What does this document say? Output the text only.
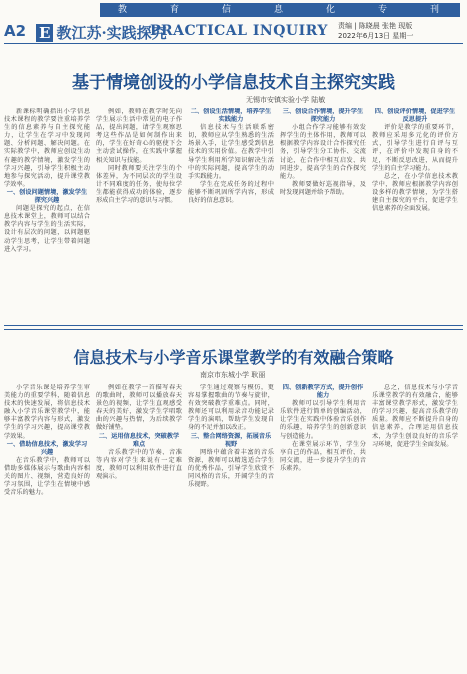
教	育	信	息	化	专	刊
A2 E 教江苏·实践探究
PRACTICAL INQUIRY 责编 | 陈晓晨 张艳 现版
2022年6月13日 星期一
基于情境创设的小学信息技术自主探究实践
无锡市安镇实验小学 陆敏

新课标明确指出小学信息技术课程的教学要注重培养学生的信息素养与自主探究能力，让学生在学习中发现问题、分析问题、解决问题。在实际教学中，教师应创设生动有趣的教学情境，激发学生的学习兴趣，引导学生积极主动地参与探究活动，提升课堂教学效率。

一、创设问题情境，激发学生探究兴趣

问题是探究的起点，在信息技术课堂上，教师可以结合教学内容与学生的生活实际，设计有层次的问题，以问题驱动学生思考，让学生带着问题进入学习。

例如，教师在教学时先向学生展示生活中常见的电子作品，提出问题，请学生观察思考这些作品是如何制作出来的，学生在好奇心的驱使下会主动尝试操作，在实践中掌握相关知识与技能。

同时教师要关注学生的个体差异，为不同层次的学生设计不同难度的任务，使每位学生都能获得成功的体验，逐步形成自主学习的意识与习惯。

二、创设生活情境，培养学生实践能力

信息技术与生活联系密切，教师应从学生熟悉的生活场景入手，让学生感受到信息技术的实用价值。在教学中引导学生利用所学知识解决生活中的实际问题，提高学生的动手实践能力。

学生在完成任务的过程中能够不断巩固所学内容，形成良好的信息意识。

三、创设合作情境，提升学生探究能力

小组合作学习能够有效发挥学生的主体作用，教师可以根据教学内容设计合作探究任务，引导学生分工协作、交流讨论，在合作中相互启发、共同进步，提高学生的合作探究能力。

教师要做好巡视指导，及时发现问题并给予帮助。

四、创设评价情境，促进学生反思提升

评价是教学的重要环节，教师应采用多元化的评价方式，引导学生进行自评与互评，在评价中发现自身的不足，不断反思改进，从而提升学生的自主学习能力。

总之，在小学信息技术教学中，教师应根据教学内容创设多样的教学情境，为学生搭建自主探究的平台，促进学生信息素养的全面发展。

信息技术与小学音乐课堂教学的有效融合策略
南京市东城小学 耿丽

小学音乐课是培养学生审美能力的重要学科，随着信息技术的快速发展，将信息技术融入小学音乐课堂教学中，能够丰富教学内容与形式，激发学生的学习兴趣，提高课堂教学效果。

一、借助信息技术，激发学习兴趣

在音乐教学中，教师可以借助多媒体展示与歌曲内容相关的图片、视频，营造良好的学习氛围，让学生在情境中感受音乐的魅力。

例如在教学一首描写春天的歌曲时，教师可以播放春天景色的视频，让学生直观感受春天的美好，激发学生学唱歌曲的兴趣与热情，为后续教学做好铺垫。

二、运用信息技术，突破教学难点

音乐教学中的节奏、音准等内容对学生来说有一定难度，教师可以利用软件进行直观演示。

学生通过观察与模仿，更容易掌握歌曲的节奏与旋律，有效突破教学重难点。同时，教师还可以利用录音功能记录学生的演唱，帮助学生发现自身的不足并加以改正。

三、整合网络资源，拓展音乐视野

网络中蕴含着丰富的音乐资源，教师可以精选适合学生的优秀作品，引导学生欣赏不同风格的音乐，开阔学生的音乐视野。

四、创新教学方式，提升创作能力

教师可以引导学生利用音乐软件进行简单的创编活动，让学生在实践中体验音乐创作的乐趣，培养学生的创新意识与创造能力。

在课堂展示环节，学生分享自己的作品，相互评价、共同交流，进一步提升学生的音乐素养。

总之，信息技术与小学音乐课堂教学的有效融合，能够丰富课堂教学形式，激发学生的学习兴趣，提高音乐教学的质量。教师应不断提升自身的信息素养，合理运用信息技术，为学生创设良好的音乐学习环境，促进学生全面发展。
